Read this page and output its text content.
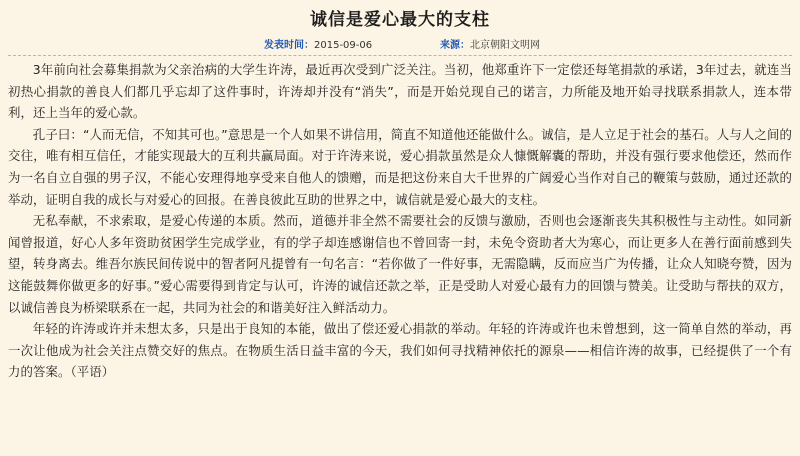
诚信是爱心最大的支柱
发表时间：2015-09-06	来源：北京朝阳文明网

3年前向社会募集捐款为父亲治病的大学生许涛，最近再次受到广泛关注。当初，他郑重许下一定偿还每笔捐款的承诺，3年过去，就连当初热心捐款的善良人们都几乎忘却了这件事时，许涛却并没有“消失”，而是开始兑现自己的诺言，力所能及地开始寻找联系捐款人，连本带利，还上当年的爱心款。

孔子曰：“人而无信，不知其可也。”意思是一个人如果不讲信用，简直不知道他还能做什么。诚信，是人立足于社会的基石。人与人之间的交往，唯有相互信任，才能实现最大的互利共赢局面。对于许涛来说，爱心捐款虽然是众人慷慨解囊的帮助，并没有强行要求他偿还，然而作为一名自立自强的男子汉，不能心安理得地享受来自他人的馈赠，而是把这份来自大千世界的广阔爱心当作对自己的鞭策与鼓励，通过还款的举动，证明自我的成长与对爱心的回报。在善良彼此互助的世界之中，诚信就是爱心最大的支柱。

无私奉献，不求索取，是爱心传递的本质。然而，道德并非全然不需要社会的反馈与激励，否则也会逐渐丧失其积极性与主动性。如同新闻曾报道，好心人多年资助贫困学生完成学业，有的学子却连感谢信也不曾回寄一封，未免令资助者大为寒心，而让更多人在善行面前感到失望，转身离去。维吾尔族民间传说中的智者阿凡提曾有一句名言：“若你做了一件好事，无需隐瞒，反而应当广为传播，让众人知晓夸赞，因为这能鼓舞你做更多的好事。”爱心需要得到肯定与认可，许涛的诚信还款之举，正是受助人对爱心最有力的回馈与赞美。让受助与帮扶的双方，以诚信善良为桥梁联系在一起，共同为社会的和谐美好注入鲜活动力。

年轻的许涛或许并未想太多，只是出于良知的本能，做出了偿还爱心捐款的举动。年轻的许涛或许也未曾想到，这一简单自然的举动，再一次让他成为社会关注点赞交好的焦点。在物质生活日益丰富的今天，我们如何寻找精神依托的源泉——相信许涛的故事，已经提供了一个有力的答案。（平语）
